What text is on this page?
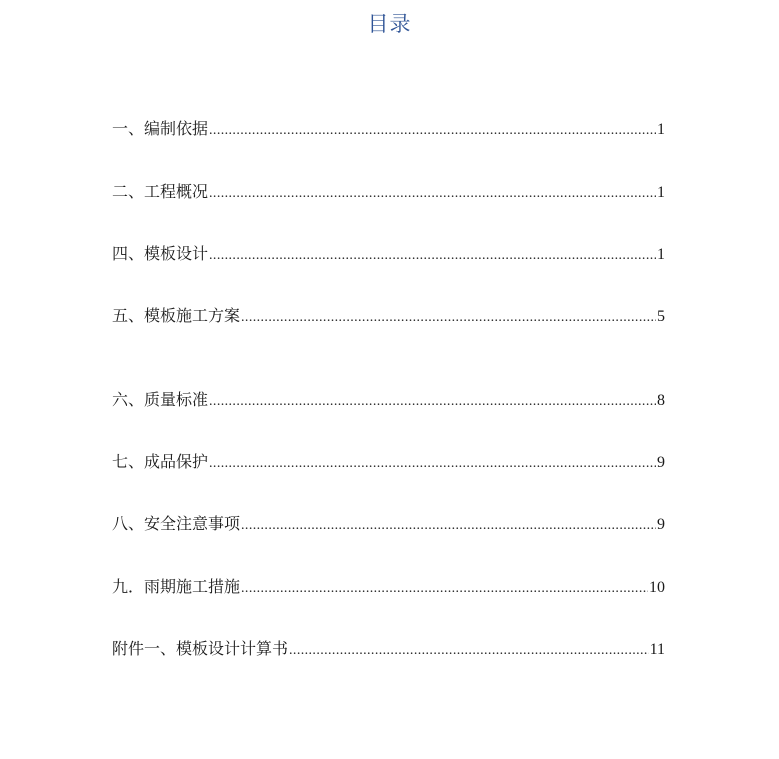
目录
一、编制依据 .....	1
二、工程概况 .....	1
四、模板设计 .....	1
五、模板施工方案 .....	5
六、质量标准 .....	8
七、成品保护 .....	9
八、安全注意事项 .....	9
九．雨期施工措施 .....	10
附件一、模板设计计算书 .....	11
